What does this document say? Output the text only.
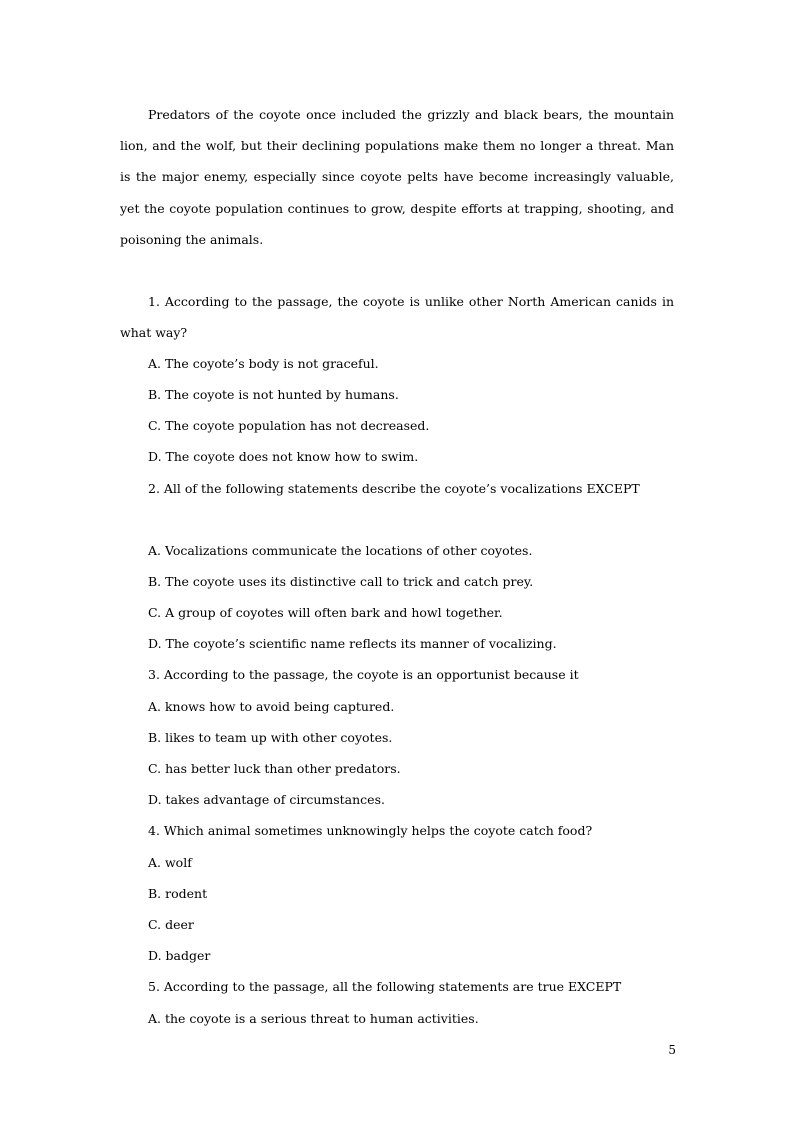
Predators of the coyote once included the grizzly and black bears, the mountain lion, and the wolf, but their declining populations make them no longer a threat. Man is the major enemy, especially since coyote pelts have become increasingly valuable, yet the coyote population continues to grow, despite efforts at trapping, shooting, and poisoning the animals.

1. According to the passage, the coyote is unlike other North American canids in what way?

A. The coyote’s body is not graceful.

B. The coyote is not hunted by humans.

C. The coyote population has not decreased.

D. The coyote does not know how to swim.

2. All of the following statements describe the coyote’s vocalizations EXCEPT

A. Vocalizations communicate the locations of other coyotes.

B. The coyote uses its distinctive call to trick and catch prey.

C. A group of coyotes will often bark and howl together.

D. The coyote’s scientific name reflects its manner of vocalizing.

3. According to the passage, the coyote is an opportunist because it

A. knows how to avoid being captured.

B. likes to team up with other coyotes.

C. has better luck than other predators.

D. takes advantage of circumstances.

4. Which animal sometimes unknowingly helps the coyote catch food?

A. wolf

B. rodent

C. deer

D. badger

5. According to the passage, all the following statements are true EXCEPT

A. the coyote is a serious threat to human activities.

5
